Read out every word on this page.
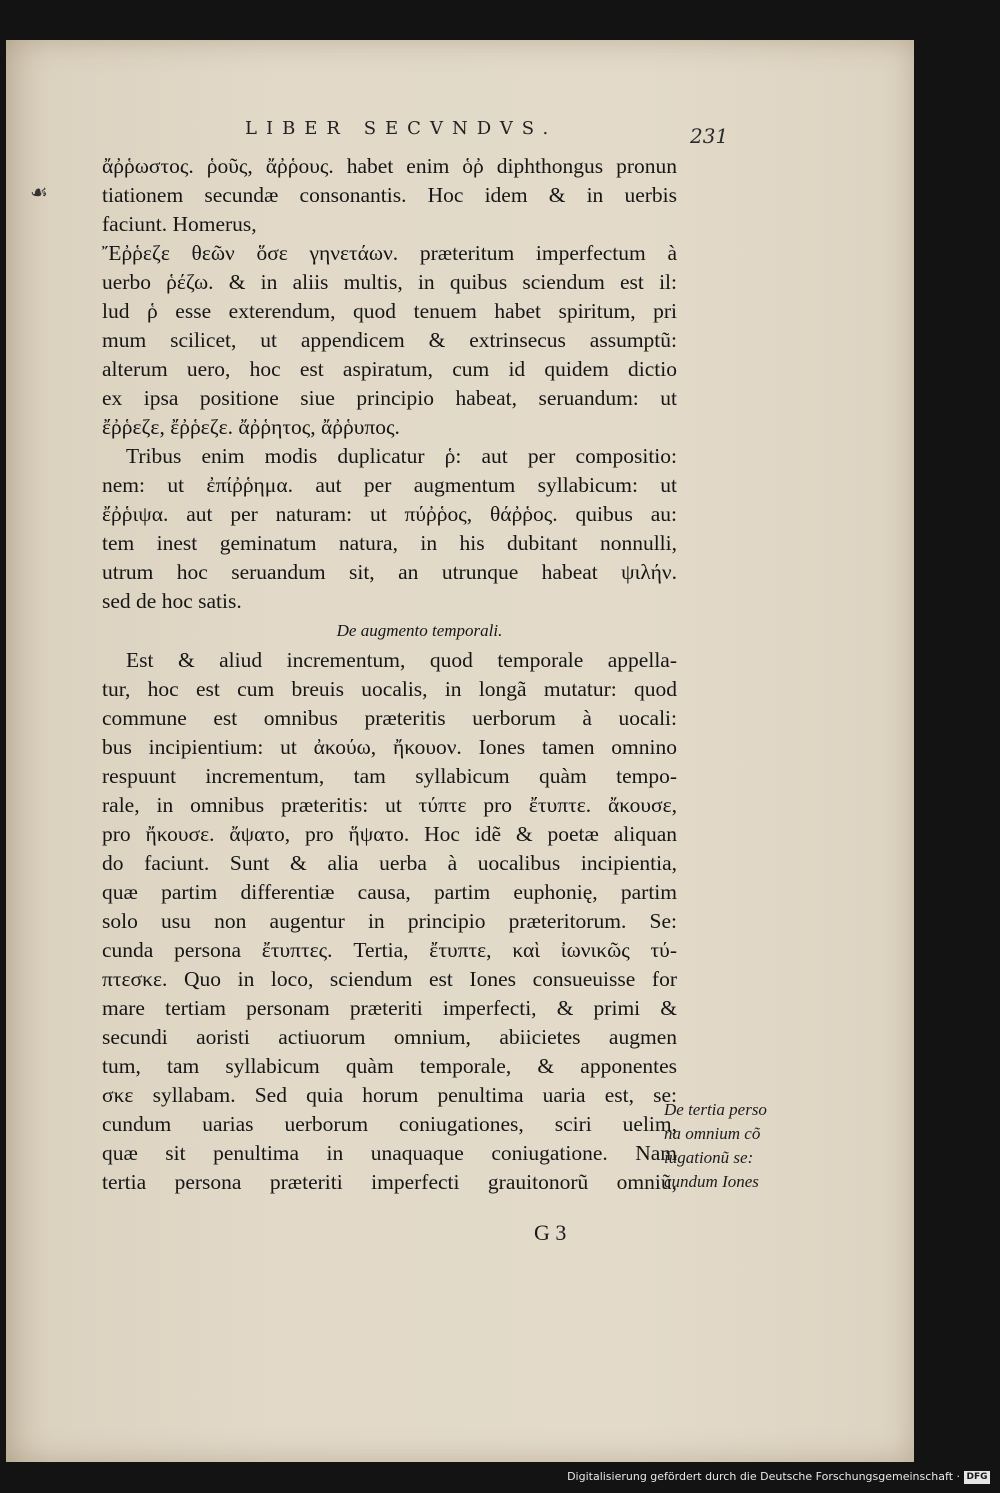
LIBER SECVNDVS.	231
☙

ἄῤῥωστος. ῥοῦς, ἄῤῥους. habet enim ὁῤ diphthongus pronun
tiationem secundæ consonantis. Hoc idem & in uerbis
faciunt. Homerus,
Ἔῤῥεζε θεῶν ὅσε γηνετάων. præteritum imperfectum à
uerbo ῥέζω. & in aliis multis, in quibus sciendum est il:
lud ῥ esse exterendum, quod tenuem habet spiritum, pri
mum scilicet, ut appendicem & extrinsecus assumptũ:
alterum uero, hoc est aspiratum, cum id quidem dictio
ex ipsa positione siue principio habeat, seruandum: ut
ἔῤῥεζε, ἔῤῥεζε. ἄῤῥητος, ἄῤῥυπος.

Tribus enim modis duplicatur ῥ: aut per compositio:
nem: ut ἐπίῤῥημα. aut per augmentum syllabicum: ut
ἔῤῥιψα. aut per naturam: ut πύῤῥος, θάῤῥος. quibus au:
tem inest geminatum natura, in his dubitant nonnulli,
utrum hoc seruandum sit, an utrunque habeat ψιλήν.
sed de hoc satis.

De augmento temporali.

Est & aliud incrementum, quod temporale appella-
tur, hoc est cum breuis uocalis, in longã mutatur: quod
commune est omnibus præteritis uerborum à uocali:
bus incipientium: ut ἀκούω, ἤκουον. Iones tamen omnino
respuunt incrementum, tam syllabicum quàm tempo-
rale, in omnibus præteritis: ut τύπτε pro ἔτυπτε. ἄκουσε,
pro ἤκουσε. ἄψατο, pro ἥψατο. Hoc idẽ & poetæ aliquan
do faciunt. Sunt & alia uerba à uocalibus incipientia,
quæ partim differentiæ causa, partim euphonię, partim
solo usu non augentur in principio præteritorum. Se:
cunda persona ἔτυπτες. Tertia, ἔτυπτε, καὶ ἰωνικῶς τύ-
πτεσκε. Quo in loco, sciendum est Iones consueuisse for
mare tertiam personam præteriti imperfecti, & primi &
secundi aoristi actiuorum omnium, abiicietes augmen
tum, tam syllabicum quàm temporale, & apponentes
σκε syllabam. Sed quia horum penultima uaria est, se:
cundum uarias uerborum coniugationes, sciri uelim,
quæ sit penultima in unaquaque coniugatione. Nam
tertia persona præteriti imperfecti grauitonorũ omniũ,

De tertia perso
na omnium cõ
iugationũ se:
cundum Iones
G 3
Digitalisierung gefördert durch die Deutsche Forschungsgemeinschaft · DFG
